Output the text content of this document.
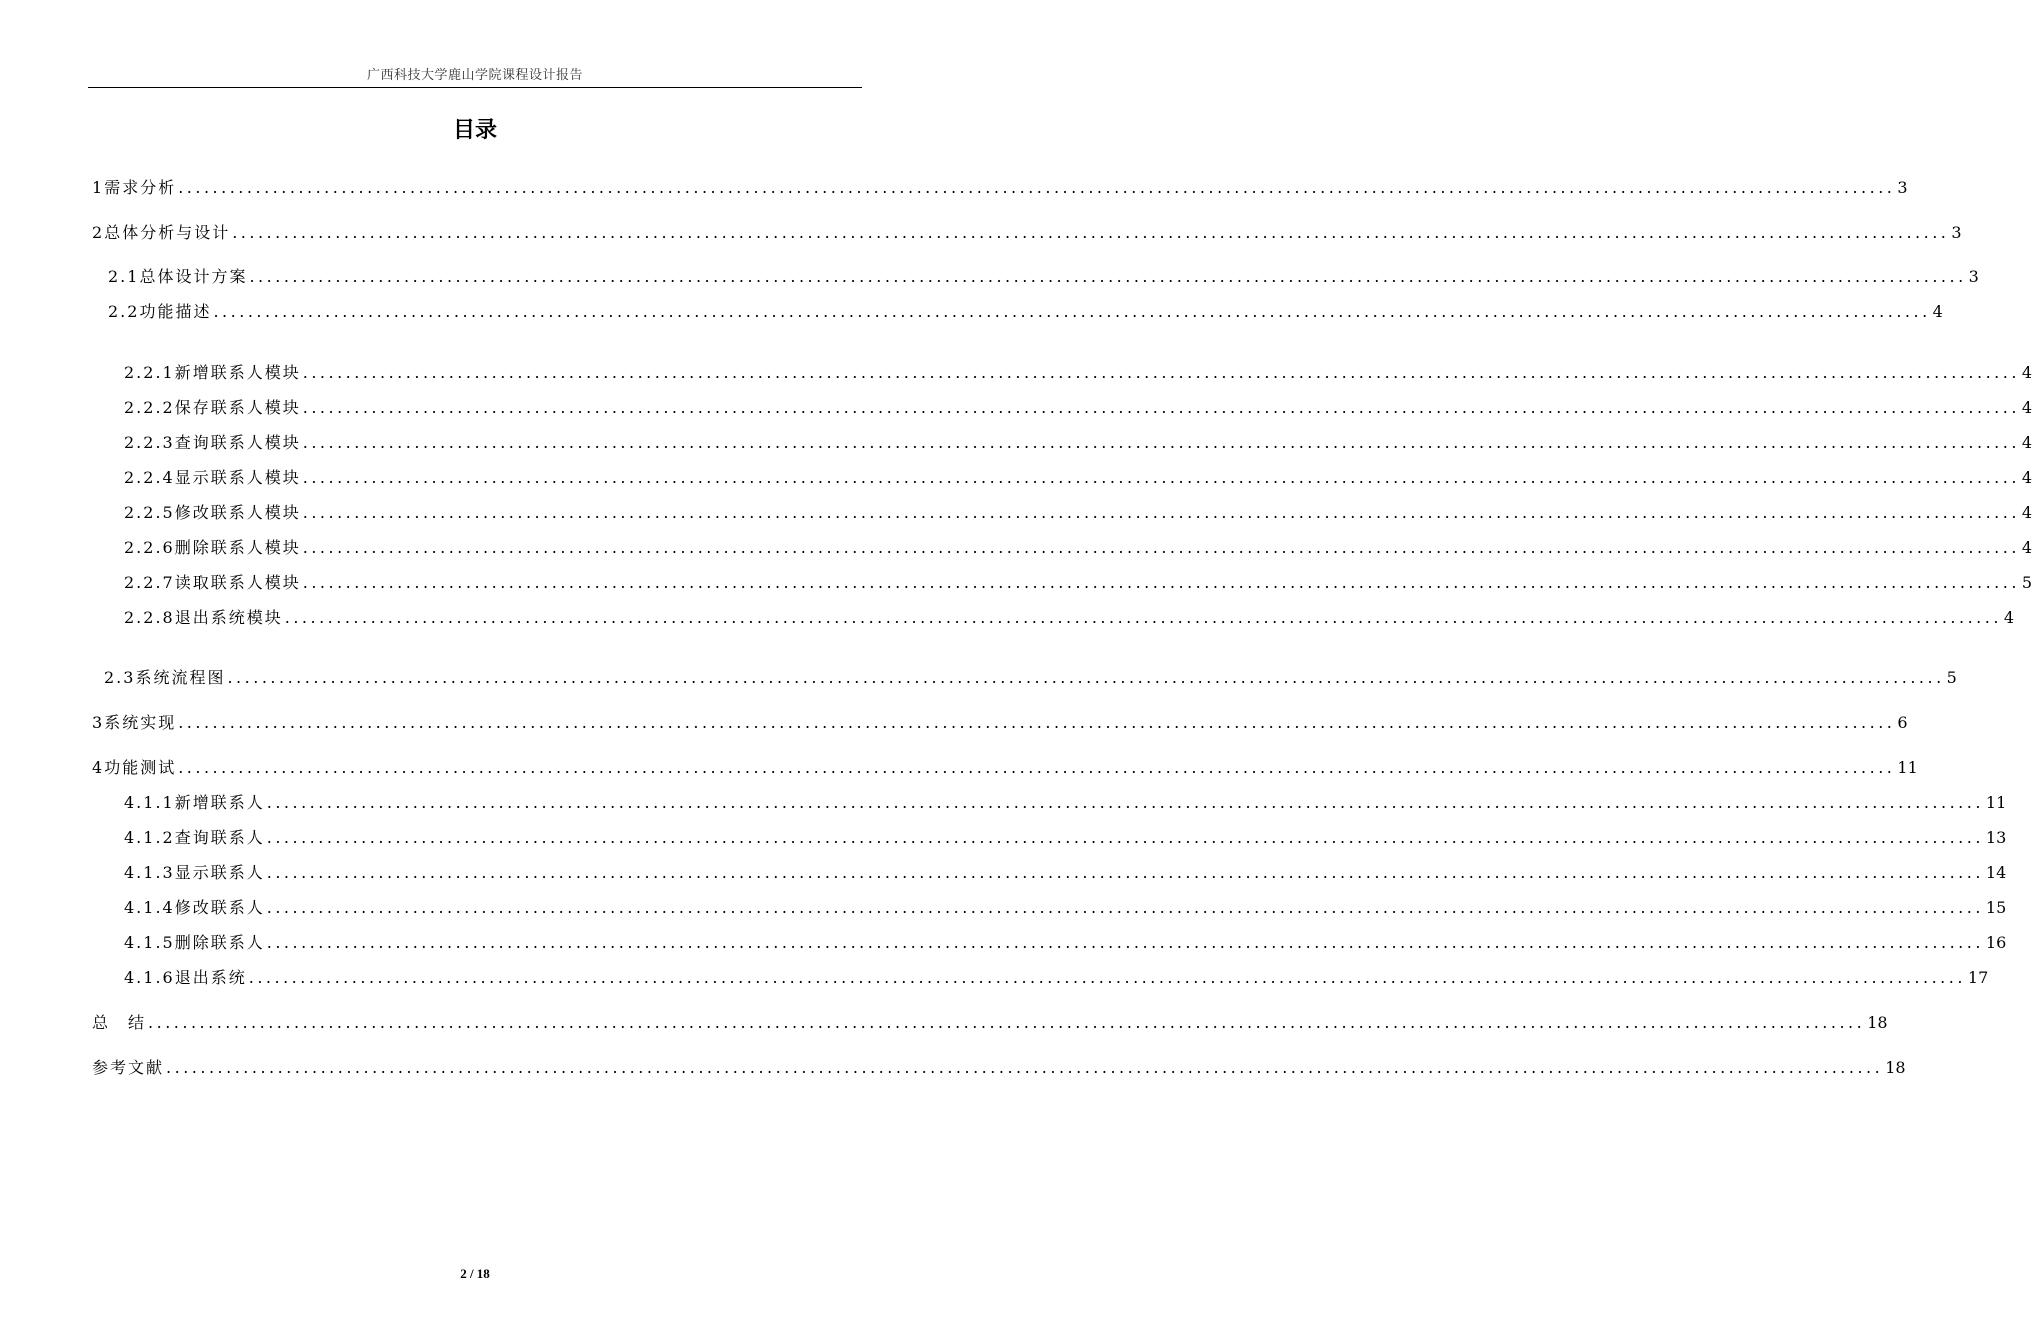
广西科技大学鹿山学院课程设计报告
目录
1 需求分析 ........................................................................................................................................................................................................ 3
2 总体分析与设计 ........................................................................................................................................................................................................ 3
2.1 总体设计方案 ........................................................................................................................................................................................................ 3
2.2 功能描述 ........................................................................................................................................................................................................ 4
2.2.1 新增联系人模块 ........................................................................................................................................................................................................ 4
2.2.2 保存联系人模块 ........................................................................................................................................................................................................ 4
2.2.3 查询联系人模块 ........................................................................................................................................................................................................ 4
2.2.4 显示联系人模块 ........................................................................................................................................................................................................ 4
2.2.5 修改联系人模块 ........................................................................................................................................................................................................ 4
2.2.6 删除联系人模块 ........................................................................................................................................................................................................ 4
2.2.7 读取联系人模块 ........................................................................................................................................................................................................ 5
2.2.8 退出系统模块 ........................................................................................................................................................................................................ 4
2.3 系统流程图 ........................................................................................................................................................................................................ 5
3 系统实现 ........................................................................................................................................................................................................ 6
4 功能测试 ........................................................................................................................................................................................................ 11
4.1.1 新增联系人 ........................................................................................................................................................................................................ 11
4.1.2 查询联系人 ........................................................................................................................................................................................................ 13
4.1.3 显示联系人 ........................................................................................................................................................................................................ 14
4.1.4 修改联系人 ........................................................................................................................................................................................................ 15
4.1.5 删除联系人 ........................................................................................................................................................................................................ 16
4.1.6 退出系统 ........................................................................................................................................................................................................ 17
总　结 ........................................................................................................................................................................................................ 18
参考文献 ........................................................................................................................................................................................................ 18
2 / 18
